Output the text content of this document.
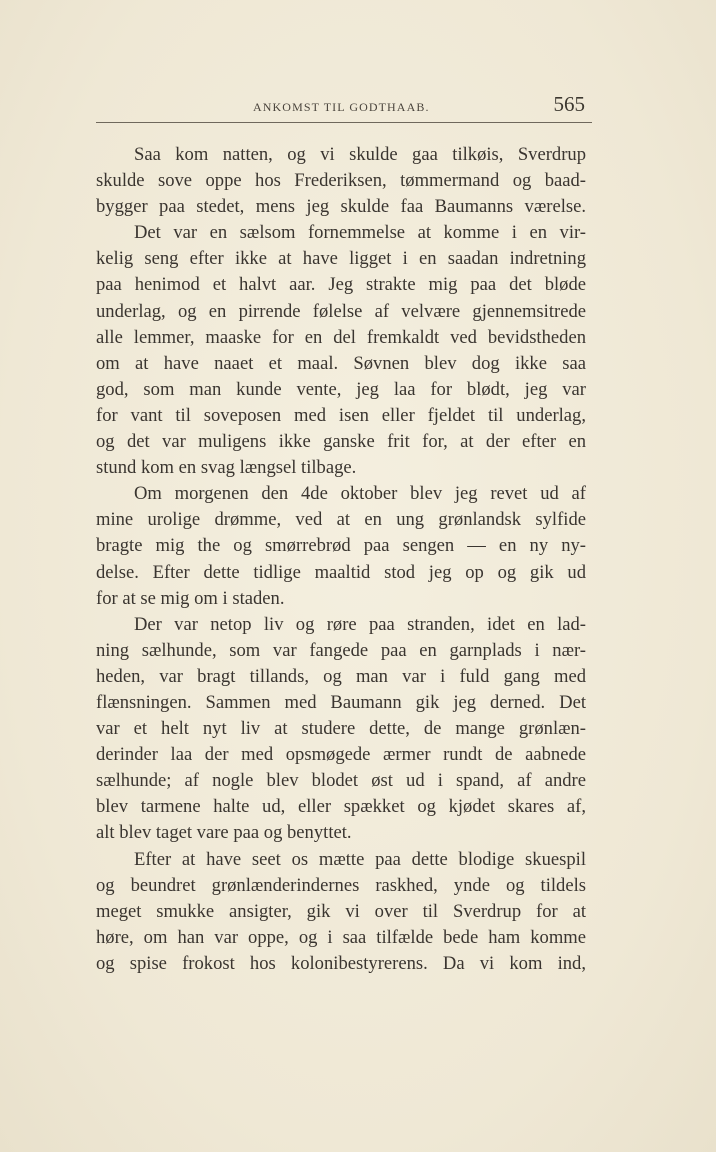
ANKOMST TIL GODTHAAB.	565
Saa kom natten, og vi skulde gaa tilkøis, Sverdrup
skulde sove oppe hos Frederiksen, tømmermand og baad-
bygger paa stedet, mens jeg skulde faa Baumanns værelse.
Det var en sælsom fornemmelse at komme i en vir-
kelig seng efter ikke at have ligget i en saadan indretning
paa henimod et halvt aar. Jeg strakte mig paa det bløde
underlag, og en pirrende følelse af velvære gjennemsitrede
alle lemmer, maaske for en del fremkaldt ved bevidstheden
om at have naaet et maal. Søvnen blev dog ikke saa
god, som man kunde vente, jeg laa for blødt, jeg var
for vant til soveposen med isen eller fjeldet til underlag,
og det var muligens ikke ganske frit for, at der efter en
stund kom en svag længsel tilbage.
Om morgenen den 4de oktober blev jeg revet ud af
mine urolige drømme, ved at en ung grønlandsk sylfide
bragte mig the og smørrebrød paa sengen — en ny ny-
delse. Efter dette tidlige maaltid stod jeg op og gik ud
for at se mig om i staden.
Der var netop liv og røre paa stranden, idet en lad-
ning sælhunde, som var fangede paa en garnplads i nær-
heden, var bragt tillands, og man var i fuld gang med
flænsningen. Sammen med Baumann gik jeg derned. Det
var et helt nyt liv at studere dette, de mange grønlæn-
derinder laa der med opsmøgede ærmer rundt de aabnede
sælhunde; af nogle blev blodet øst ud i spand, af andre
blev tarmene halte ud, eller spækket og kjødet skares af,
alt blev taget vare paa og benyttet.
Efter at have seet os mætte paa dette blodige skuespil
og beundret grønlænderindernes raskhed, ynde og tildels
meget smukke ansigter, gik vi over til Sverdrup for at
høre, om han var oppe, og i saa tilfælde bede ham komme
og spise frokost hos kolonibestyrerens. Da vi kom ind,
